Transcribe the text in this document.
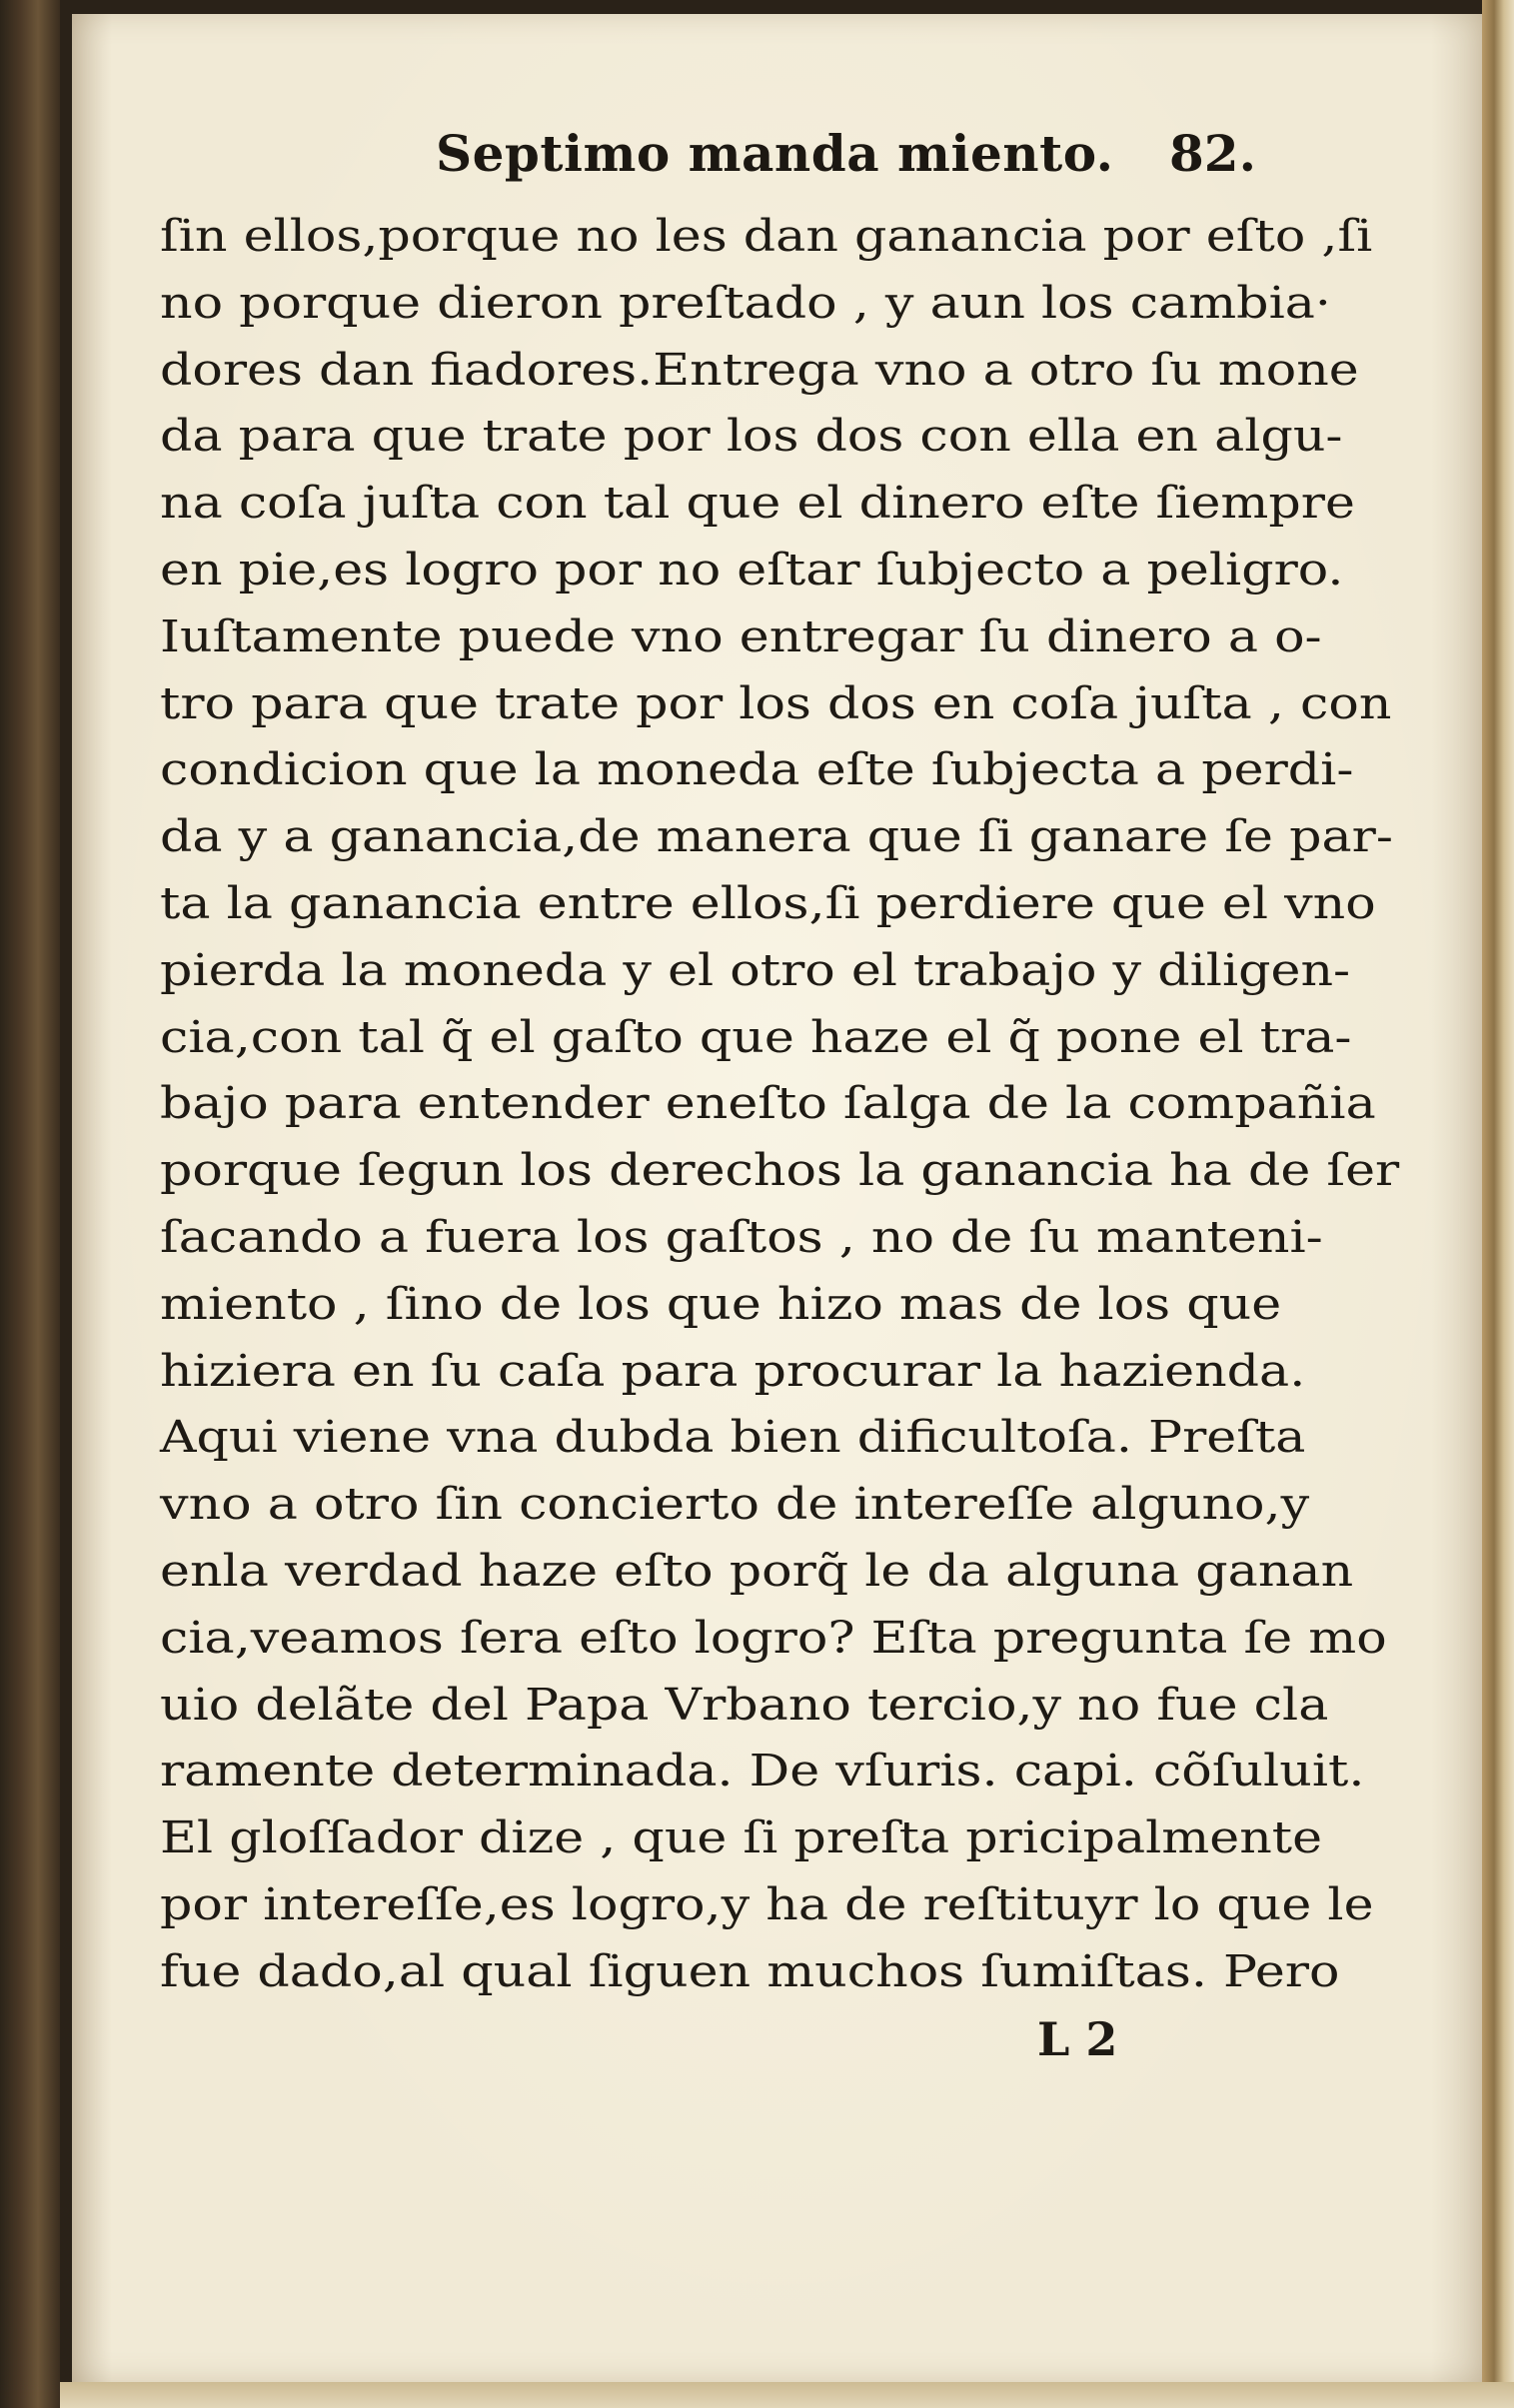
Septimo manda miento. 82.
ſin ellos,porque no les dan ganancia por eſto ,ſi
no porque dieron preſtado , y aun los cambia·
dores dan fiadores.Entrega vno a otro ſu mone
da para que trate por los dos con ella en algu-
na coſa juſta con tal que el dinero eſte ſiempre
en pie,es logro por no eſtar ſubjecto a peligro.
Iuſtamente puede vno entregar ſu dinero a o-
tro para que trate por los dos en coſa juſta , con
condicion que la moneda eſte ſubjecta a perdi-
da y a ganancia,de manera que ſi ganare ſe par-
ta la ganancia entre ellos,ſi perdiere que el vno
pierda la moneda y el otro el trabajo y diligen-
cia,con tal q̃ el gaſto que haze el q̃ pone el tra-
bajo para entender eneſto ſalga de la compañia
porque ſegun los derechos la ganancia ha de ſer
ſacando a fuera los gaſtos , no de ſu manteni-
miento , ſino de los que hizo mas de los que
hiziera en ſu caſa para procurar la hazienda.
Aqui viene vna dubda bien dificultoſa. Preſta
vno a otro ſin concierto de intereſſe alguno,y
enla verdad haze eſto porq̃ le da alguna ganan
cia,veamos ſera eſto logro? Eſta pregunta ſe mo
uio delãte del Papa Vrbano tercio,y no fue cla
ramente determinada. De vſuris. capi. cõſuluit.
El gloſſador dize , que ſi preſta pricipalmente
por intereſſe,es logro,y ha de reſtituyr lo que le
fue dado,al qual ſiguen muchos ſumiſtas. Pero
L 2
